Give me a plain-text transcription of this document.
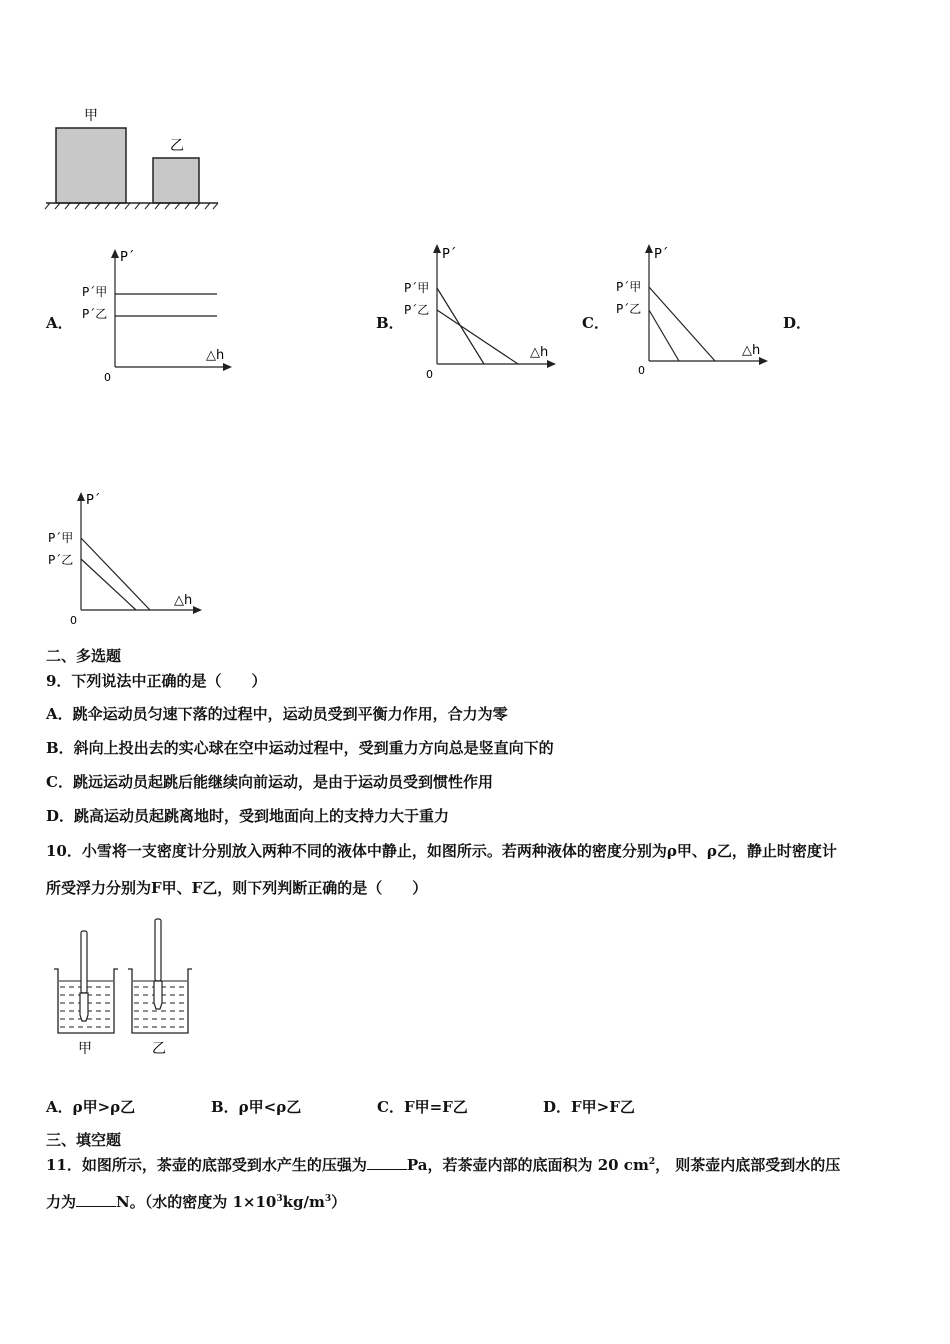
甲
乙
A．
P´
P´甲
P´乙
△h
0
B．
P´
P´甲
P´乙
△h
0
C．
P´
P´甲
P´乙
△h
0
D．
P´
P´甲
P´乙
△h
0
二、多选题
9．下列说法中正确的是（　　）
A．跳伞运动员匀速下落的过程中，运动员受到平衡力作用，合力为零
B．斜向上投出去的实心球在空中运动过程中，受到重力方向总是竖直向下的
C．跳远运动员起跳后能继续向前运动，是由于运动员受到惯性作用
D．跳高运动员起跳离地时，受到地面向上的支持力大于重力
10．小雪将一支密度计分别放入两种不同的液体中静止，如图所示。若两种液体的密度分别为ρ甲、ρ乙，静止时密度计
所受浮力分别为F甲、F乙，则下列判断正确的是（　　）
甲	乙
A．ρ甲>ρ乙	B．ρ甲<ρ乙	C．F甲=F乙	D．F甲>F乙
三、填空题
11．如图所示，茶壶的底部受到水产生的压强为	Pa，若茶壶内部的底面积为 20 $cm^2$， 则茶壶内底部受到水的压
力为	N。（水的密度为 $1\times 10^3kg/m^3$）
